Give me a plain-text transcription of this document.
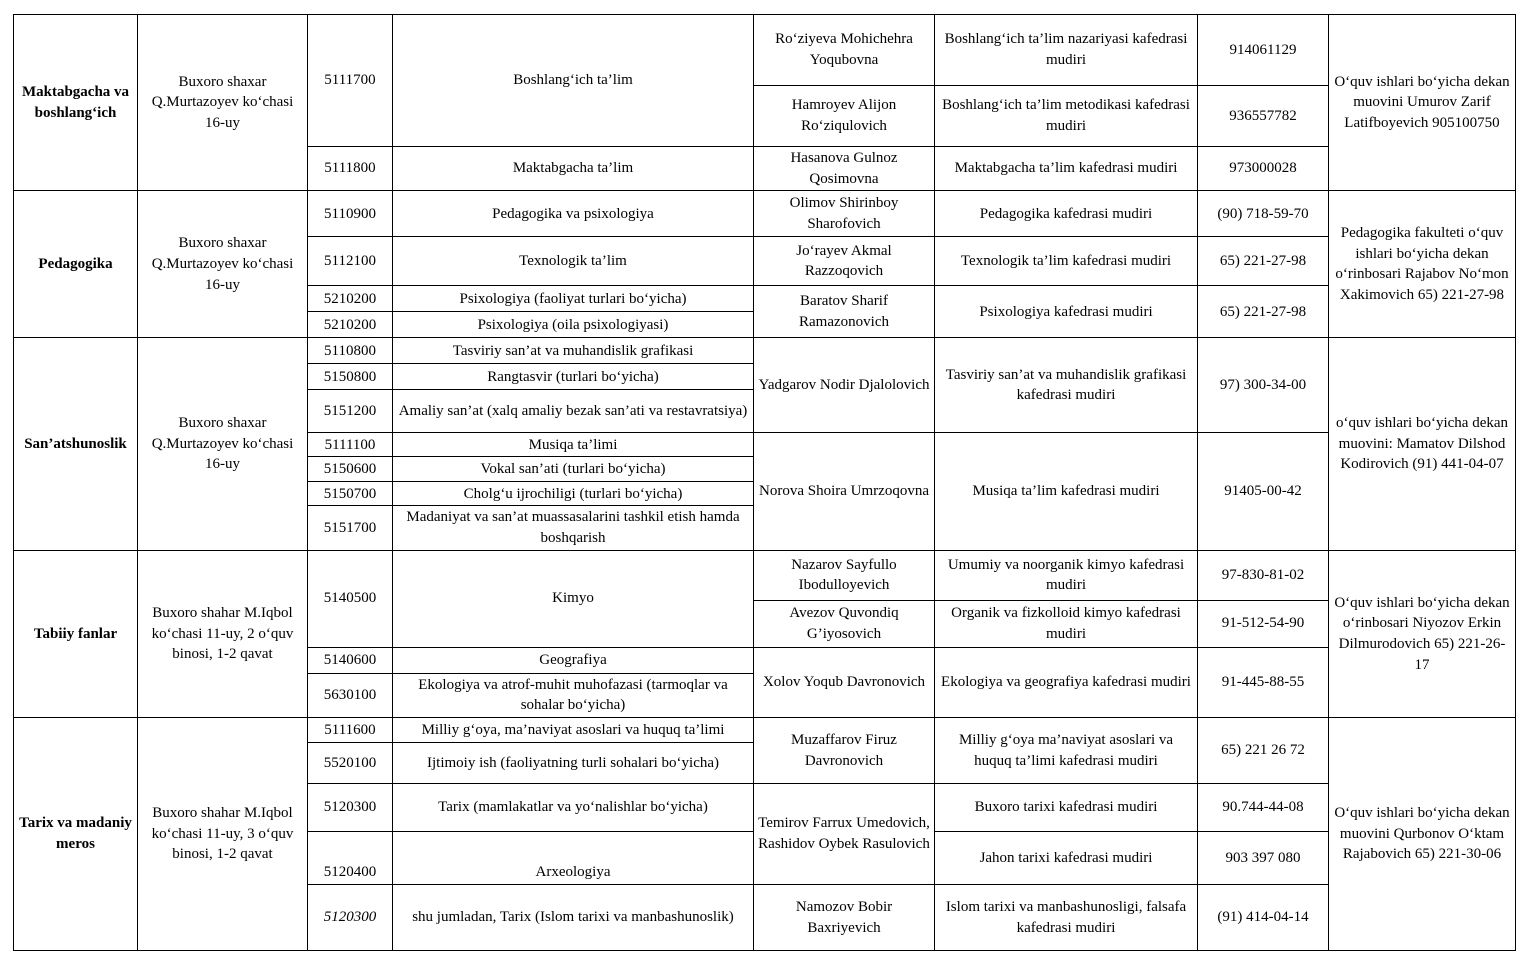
Maktabgacha va boshlang‘ich	Buxoro shaxar Q.Murtazoyev ko‘chasi 16-uy	5111700	Boshlang‘ich ta’lim	Ro‘ziyeva Mohichehra Yoqubovna	Boshlang‘ich ta’lim nazariyasi kafedrasi mudiri	914061129	O‘quv ishlari bo‘yicha dekan muovini Umurov Zarif Latifboyevich 905100750
				Hamroyev Alijon Ro‘ziqulovich	Boshlang‘ich ta’lim metodikasi kafedrasi mudiri	936557782	
		5111800	Maktabgacha ta’lim	Hasanova Gulnoz Qosimovna	Maktabgacha ta’lim kafedrasi mudiri	973000028	
Pedagogika	Buxoro shaxar Q.Murtazoyev ko‘chasi 16-uy	5110900	Pedagogika va psixologiya	Olimov Shirinboy Sharofovich	Pedagogika kafedrasi mudiri	(90) 718-59-70	Pedagogika fakulteti o‘quv ishlari bo‘yicha dekan o‘rinbosari Rajabov No‘mon Xakimovich 65) 221-27-98
		5112100	Texnologik ta’lim	Jo‘rayev Akmal Razzoqovich	Texnologik ta’lim kafedrasi mudiri	65) 221-27-98	
		5210200	Psixologiya (faoliyat turlari bo‘yicha)	Baratov Sharif Ramazonovich	Psixologiya kafedrasi mudiri	65) 221-27-98	
		5210200	Psixologiya (oila psixologiyasi)				
San’atshunoslik	Buxoro shaxar Q.Murtazoyev ko‘chasi 16-uy	5110800	Tasviriy san’at va muhandislik grafikasi	Yadgarov Nodir Djalolovich	Tasviriy san’at va muhandislik grafikasi kafedrasi mudiri	97) 300-34-00	o‘quv ishlari bo‘yicha dekan muovini: Mamatov Dilshod Kodirovich (91) 441-04-07
		5150800	Rangtasvir (turlari bo‘yicha)				
		5151200	Amaliy san’at (xalq amaliy bezak san’ati va restavratsiya)				
		5111100	Musiqa ta’limi	Norova Shoira Umrzoqovna	Musiqa ta’lim kafedrasi mudiri	91405-00-42	
		5150600	Vokal san’ati (turlari bo‘yicha)				
		5150700	Cholg‘u ijrochiligi (turlari bo‘yicha)				
		5151700	Madaniyat va san’at muassasalarini tashkil etish hamda boshqarish				
Tabiiy fanlar	Buxoro shahar M.Iqbol ko‘chasi 11-uy, 2 o‘quv binosi, 1-2 qavat	5140500	Kimyo	Nazarov Sayfullo Ibodulloyevich	Umumiy va noorganik kimyo kafedrasi mudiri	97-830-81-02	O‘quv ishlari bo‘yicha dekan o‘rinbosari Niyozov Erkin Dilmurodovich 65) 221-26-17
				Avezov Quvondiq G’iyosovich	Organik va fizkolloid kimyo kafedrasi mudiri	91-512-54-90	
		5140600	Geografiya	Xolov Yoqub Davronovich	Ekologiya va geografiya kafedrasi mudiri	91-445-88-55	
		5630100	Ekologiya va atrof-muhit muhofazasi (tarmoqlar va sohalar bo‘yicha)				
Tarix va madaniy meros	Buxoro shahar M.Iqbol ko‘chasi 11-uy, 3 o‘quv binosi, 1-2 qavat	5111600	Milliy g‘oya, ma’naviyat asoslari va huquq ta’limi	Muzaffarov Firuz Davronovich	Milliy g‘oya ma’naviyat asoslari va huquq ta’limi kafedrasi mudiri	65) 221 26 72	O‘quv ishlari bo‘yicha dekan muovini Qurbonov O‘ktam Rajabovich 65) 221-30-06
		5520100	Ijtimoiy ish (faoliyatning turli sohalari bo‘yicha)				
		5120300	Tarix (mamlakatlar va yo‘nalishlar bo‘yicha)	Temirov Farrux Umedovich, Rashidov Oybek Rasulovich	Buxoro tarixi kafedrasi mudiri	90.744-44-08	
		5120400	Arxeologiya		Jahon tarixi kafedrasi mudiri	903 397 080	
		5120300	shu jumladan, Tarix (Islom tarixi va manbashunoslik)	Namozov Bobir Baxriyevich	Islom tarixi va manbashunosligi, falsafa kafedrasi mudiri	(91) 414-04-14	
